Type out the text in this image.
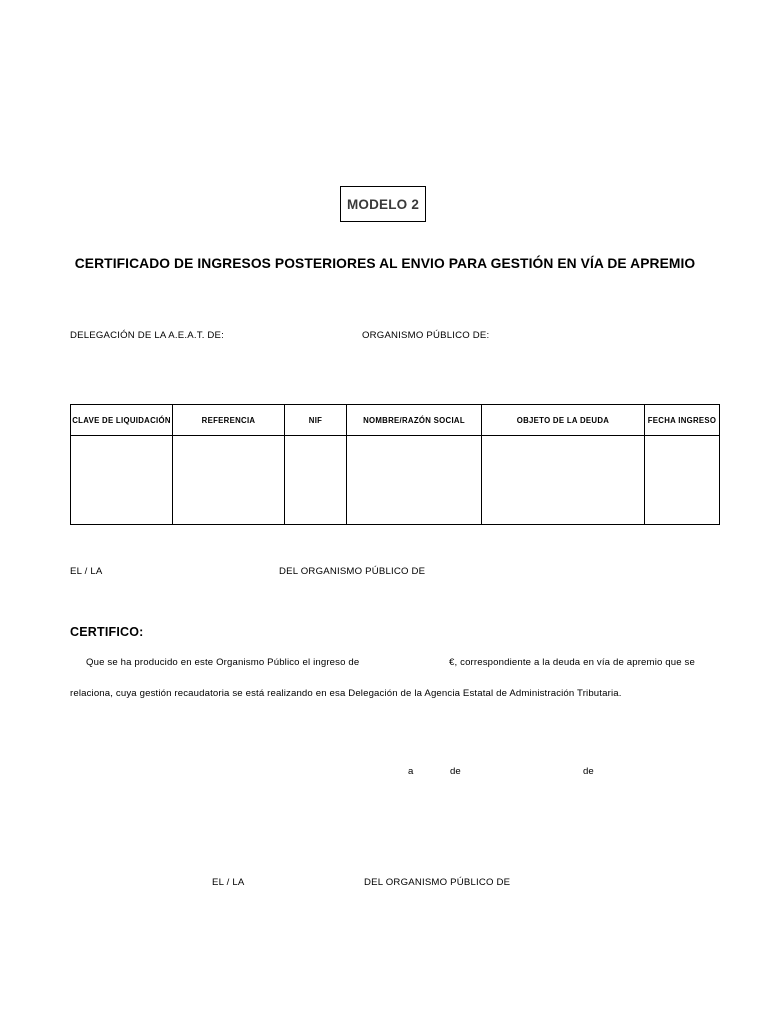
MODELO 2
CERTIFICADO DE INGRESOS POSTERIORES AL ENVIO PARA GESTIÓN EN VÍA DE APREMIO
DELEGACIÓN DE LA A.E.A.T. DE:	ORGANISMO PÚBLICO DE:
CLAVE DE LIQUIDACIÓN	REFERENCIA	NIF	NOMBRE/RAZÓN SOCIAL	OBJETO DE LA DEUDA	FECHA INGRESO

EL / LA	DEL ORGANISMO PÚBLICO DE
CERTIFICO:
Que se ha producido en este Organismo Público el ingreso de	€, correspondiente a la deuda en vía de apremio que se
relaciona, cuya gestión recaudatoria se está realizando en esa Delegación de la Agencia Estatal de Administración Tributaria.
a	de	de
EL / LA	DEL ORGANISMO PÚBLICO DE
